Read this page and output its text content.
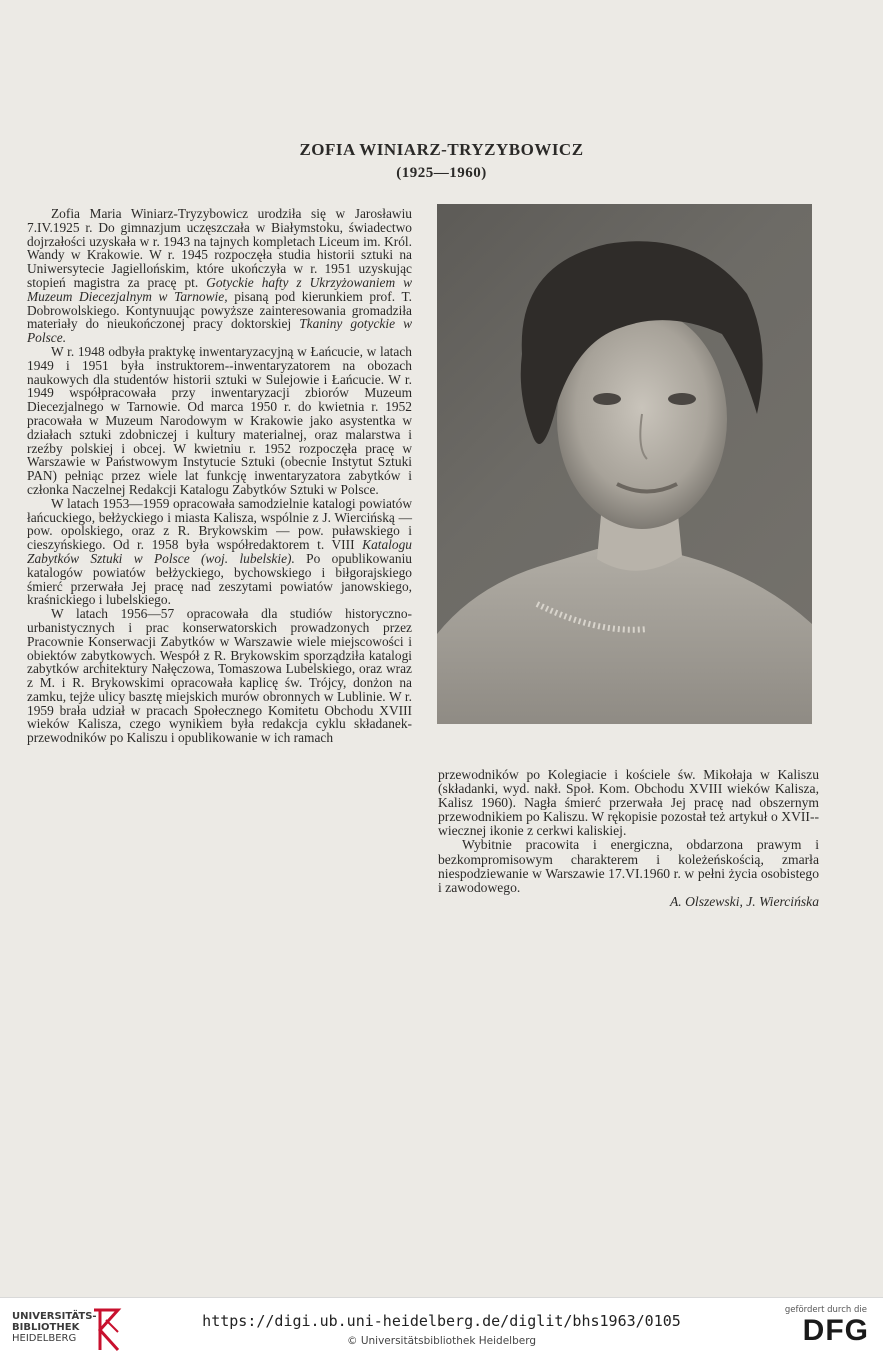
ZOFIA WINIARZ-TRYZYBOWICZ
(1925—1960)

Zofia Maria Winiarz-Tryzybowicz urodziła się w Jarosławiu 7.IV.1925 r. Do gimnazjum uczęszczała w Białymstoku, świadectwo dojrzałości uzyskała w r. 1943 na tajnych kompletach Liceum im. Król. Wandy w Krakowie. W r. 1945 rozpoczęła studia historii sztuki na Uniwersytecie Jagiellońskim, które ukończyła w r. 1951 uzyskując stopień magistra za pracę pt. Gotyckie hafty z Ukrzyżowaniem w Muzeum Diecezjalnym w Tarnowie, pisaną pod kierunkiem prof. T. Dobrowolskiego. Kontynuując powyższe zainteresowania gromadziła materiały do nieukończonej pracy doktorskiej Tkaniny gotyckie w Polsce.

W r. 1948 odbyła praktykę inwentaryzacyjną w Łańcucie, w latach 1949 i 1951 była instruktorem--inwentaryzatorem na obozach naukowych dla studentów historii sztuki w Sulejowie i Łańcucie. W r. 1949 współpracowała przy inwentaryzacji zbiorów Muzeum Diecezjalnego w Tarnowie. Od marca 1950 r. do kwietnia r. 1952 pracowała w Muzeum Narodowym w Krakowie jako asystentka w działach sztuki zdobniczej i kultury materialnej, oraz malarstwa i rzeźby polskiej i obcej. W kwietniu r. 1952 rozpoczęła pracę w Warszawie w Państwowym Instytucie Sztuki (obecnie Instytut Sztuki PAN) pełniąc przez wiele lat funkcję inwentaryzatora zabytków i członka Naczelnej Redakcji Katalogu Zabytków Sztuki w Polsce.

W latach 1953—1959 opracowała samodzielnie katalogi powiatów łańcuckiego, bełżyckiego i miasta Kalisza, wspólnie z J. Wiercińską — pow. opolskiego, oraz z R. Brykowskim — pow. puławskiego i cieszyńskiego. Od r. 1958 była współredaktorem t. VIII Katalogu Zabytków Sztuki w Polsce (woj. lubelskie). Po opublikowaniu katalogów powiatów bełżyckiego, bychowskiego i biłgorajskiego śmierć przerwała Jej pracę nad zeszytami powiatów janowskiego, kraśnickiego i lubelskiego.

W latach 1956—57 opracowała dla studiów historyczno-urbanistycznych i prac konserwatorskich prowadzonych przez Pracownie Konserwacji Zabytków w Warszawie wiele miejscowości i obiektów zabytkowych. Wespół z R. Brykowskim sporządziła katalogi zabytków architektury Nałęczowa, Tomaszowa Lubelskiego, oraz wraz z M. i R. Brykowskimi opracowała kaplicę św. Trójcy, donżon na zamku, tejże ulicy basztę miejskich murów obronnych w Lublinie. W r. 1959 brała udział w pracach Społecznego Komitetu Obchodu XVIII wieków Kalisza, czego wynikiem była redakcja cyklu składanek-przewodników po Kaliszu i opublikowanie w ich ramach

przewodników po Kolegiacie i kościele św. Mikołaja w Kaliszu (składanki, wyd. nakł. Społ. Kom. Obchodu XVIII wieków Kalisza, Kalisz 1960). Nagła śmierć przerwała Jej pracę nad obszernym przewodnikiem po Kaliszu. W rękopisie pozostał też artykuł o XVII--wiecznej ikonie z cerkwi kaliskiej.

Wybitnie pracowita i energiczna, obdarzona prawym i bezkompromisowym charakterem i koleżeńskością, zmarła niespodziewanie w Warszawie 17.VI.1960 r. w pełni życia osobistego i zawodowego.

A. Olszewski, J. Wiercińska

UNIVERSITÄTS-
BIBLIOTHEK
HEIDELBERG
https://digi.ub.uni-heidelberg.de/diglit/bhs1963/0105
© Universitätsbibliothek Heidelberg
gefördert durch die
DFG
